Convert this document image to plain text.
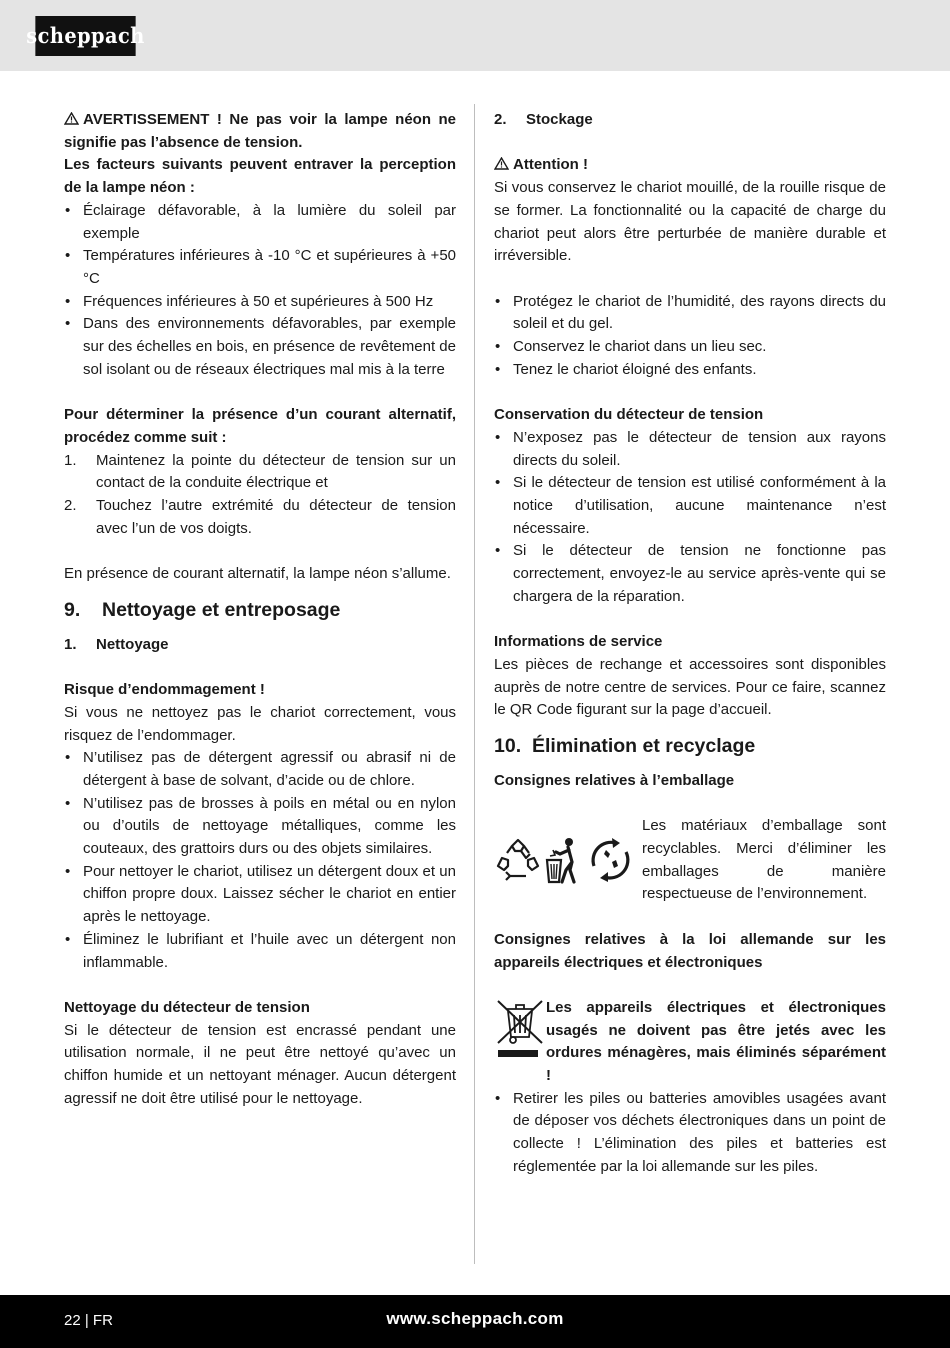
scheppach

AVERTISSEMENT ! Ne pas voir la lampe néon ne signifie pas l’absence de tension.

Les facteurs suivants peuvent entraver la perception de la lampe néon :

• Éclairage défavorable, à la lumière du soleil par exemple
• Températures inférieures à -10 °C et supérieures à +50 °C
• Fréquences inférieures à 50 et supérieures à 500 Hz
• Dans des environnements défavorables, par exemple sur des échelles en bois, en présence de revêtement de sol isolant ou de réseaux électriques mal mis à la terre

Pour déterminer la présence d’un courant alternatif, procédez comme suit :

1. Maintenez la pointe du détecteur de tension sur un contact de la conduite électrique et
2. Touchez l’autre extrémité du détecteur de tension avec l’un de vos doigts.

En présence de courant alternatif, la lampe néon s’allume.

9.	Nettoyage et entreposage
1.	Nettoyage

Risque d’endommagement !

Si vous ne nettoyez pas le chariot correctement, vous risquez de l’endommager.

• N’utilisez pas de détergent agressif ou abrasif ni de détergent à base de solvant, d’acide ou de chlore.
• N’utilisez pas de brosses à poils en métal ou en nylon ou d’outils de nettoyage métalliques, comme les couteaux, des grattoirs durs ou des objets similaires.
• Pour nettoyer le chariot, utilisez un détergent doux et un chiffon propre doux. Laissez sécher le chariot en entier après le nettoyage.
• Éliminez le lubrifiant et l’huile avec un détergent non inflammable.

Nettoyage du détecteur de tension

Si le détecteur de tension est encrassé pendant une utilisation normale, il ne peut être nettoyé qu’avec un chiffon humide et un nettoyant ménager. Aucun détergent agressif ne doit être utilisé pour le nettoyage.

2.	Stockage

Attention !

Si vous conservez le chariot mouillé, de la rouille risque de se former. La fonctionnalité ou la capacité de charge du chariot peut alors être perturbée de manière durable et irréversible.

• Protégez le chariot de l’humidité, des rayons directs du soleil et du gel.
• Conservez le chariot dans un lieu sec.
• Tenez le chariot éloigné des enfants.

Conservation du détecteur de tension

• N’exposez pas le détecteur de tension aux rayons directs du soleil.
• Si le détecteur de tension est utilisé conformément à la notice d’utilisation, aucune maintenance n’est nécessaire.
• Si le détecteur de tension ne fonctionne pas correctement, envoyez-le au service après-vente qui se chargera de la réparation.

Informations de service

Les pièces de rechange et accessoires sont disponibles auprès de notre centre de services. Pour ce faire, scannez le QR Code figurant sur la page d’accueil.

10. Élimination et recyclage

Consignes relatives à l’emballage

Les matériaux d’emballage sont recyclables. Merci d’éliminer les emballages de manière respectueuse de l’environnement.

Consignes relatives à la loi allemande sur les appareils électriques et électroniques

Les appareils électriques et électroniques usagés ne doivent pas être jetés avec les ordures ménagères, mais éliminés séparément !

• Retirer les piles ou batteries amovibles usagées avant de déposer vos déchets électroniques dans un point de collecte ! L’élimination des piles et batteries est réglementée par la loi allemande sur les piles.
22 | FR	www.scheppach.com
